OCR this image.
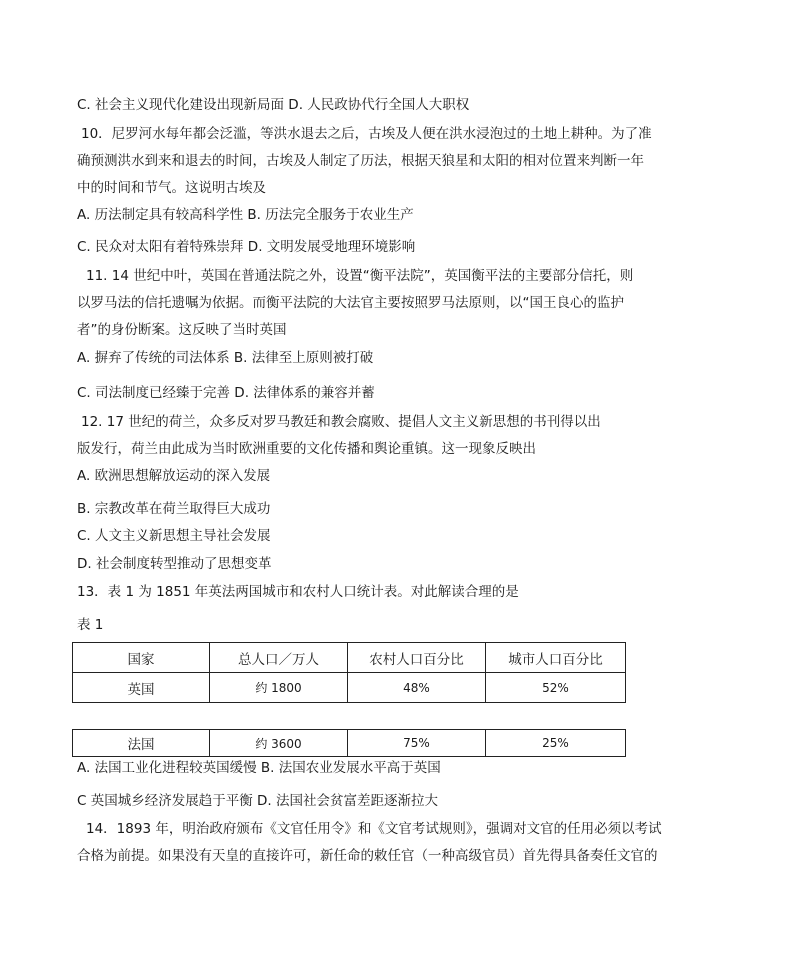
C. 社会主义现代化建设出现新局面 D. 人民政协代行全国人大职权
10．尼罗河水每年都会泛滥，等洪水退去之后，古埃及人便在洪水浸泡过的土地上耕种。为了准
确预测洪水到来和退去的时间，古埃及人制定了历法，根据天狼星和太阳的相对位置来判断一年
中的时间和节气。这说明古埃及
A. 历法制定具有较高科学性 B. 历法完全服务于农业生产
C. 民众对太阳有着特殊崇拜 D. 文明发展受地理环境影响
11. 14 世纪中叶，英国在普通法院之外，设置“衡平法院”，英国衡平法的主要部分信托，则
以罗马法的信托遗嘱为依据。而衡平法院的大法官主要按照罗马法原则，以“国王良心的监护
者”的身份断案。这反映了当时英国
A. 摒弃了传统的司法体系 B. 法律至上原则被打破
C. 司法制度已经臻于完善 D. 法律体系的兼容并蓄
12. 17 世纪的荷兰，众多反对罗马教廷和教会腐败、提倡人文主义新思想的书刊得以出
版发行，荷兰由此成为当时欧洲重要的文化传播和舆论重镇。这一现象反映出
A. 欧洲思想解放运动的深入发展
B. 宗教改革在荷兰取得巨大成功
C. 人文主义新思想主导社会发展
D. 社会制度转型推动了思想变革
13．表 1 为 1851 年英法两国城市和农村人口统计表。对此解读合理的是
表 1
国家	总人口／万人	农村人口百分比	城市人口百分比
英国	约 1800	48%	52%
法国	约 3600	75%	25%
A. 法国工业化进程较英国缓慢 B. 法国农业发展水平高于英国
C 英国城乡经济发展趋于平衡 D. 法国社会贫富差距逐渐拉大
14．1893 年，明治政府颁布《文官任用令》和《文官考试规则》，强调对文官的任用必须以考试
合格为前提。如果没有天皇的直接许可，新任命的敕任官（一种高级官员）首先得具备奏任文官的
